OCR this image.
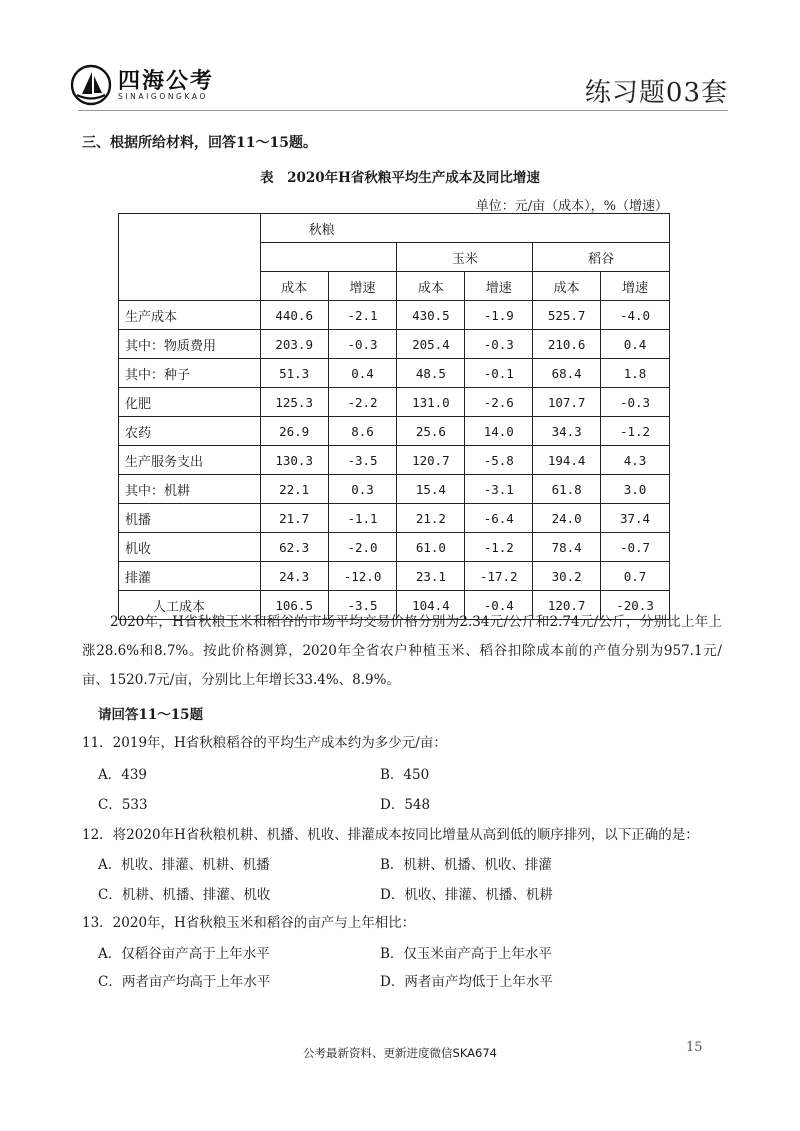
四海公考
SINAIGONGKAO	练习题03套
三、根据所给材料，回答11～15题。
表　2020年H省秋粮平均生产成本及同比增速
单位：元/亩（成本），%（增速）
	秋粮					
			玉米		稻谷	
	成本	增速	成本	增速	成本	增速
生产成本	440.6	-2.1	430.5	-1.9	525.7	-4.0
其中：物质费用	203.9	-0.3	205.4	-0.3	210.6	0.4
其中：种子	51.3	0.4	48.5	-0.1	68.4	1.8
化肥	125.3	-2.2	131.0	-2.6	107.7	-0.3
农药	26.9	8.6	25.6	14.0	34.3	-1.2
生产服务支出	130.3	-3.5	120.7	-5.8	194.4	4.3
其中：机耕	22.1	0.3	15.4	-3.1	61.8	3.0
机播	21.7	-1.1	21.2	-6.4	24.0	37.4
机收	62.3	-2.0	61.0	-1.2	78.4	-0.7
排灌	24.3	-12.0	23.1	-17.2	30.2	0.7
人工成本	106.5	-3.5	104.4	-0.4	120.7	-20.3
2020年，H省秋粮玉米和稻谷的市场平均交易价格分别为2.34元/公斤和2.74元/公斤，分别比上年上涨28.6%和8.7%。按此价格测算，2020年全省农户种植玉米、稻谷扣除成本前的产值分别为957.1元/亩、1520.7元/亩，分别比上年增长33.4%、8.9%。
请回答11～15题
11．2019年，H省秋粮稻谷的平均生产成本约为多少元/亩：
A．439	B．450
C．533	D．548
12．将2020年H省秋粮机耕、机播、机收、排灌成本按同比增量从高到低的顺序排列，以下正确的是：
A．机收、排灌、机耕、机播	B．机耕、机播、机收、排灌
C．机耕、机播、排灌、机收	D．机收、排灌、机播、机耕
13．2020年，H省秋粮玉米和稻谷的亩产与上年相比：
A．仅稻谷亩产高于上年水平	B．仅玉米亩产高于上年水平
C．两者亩产均高于上年水平	D．两者亩产均低于上年水平
公考最新资料、更新进度微信SKA674	15
